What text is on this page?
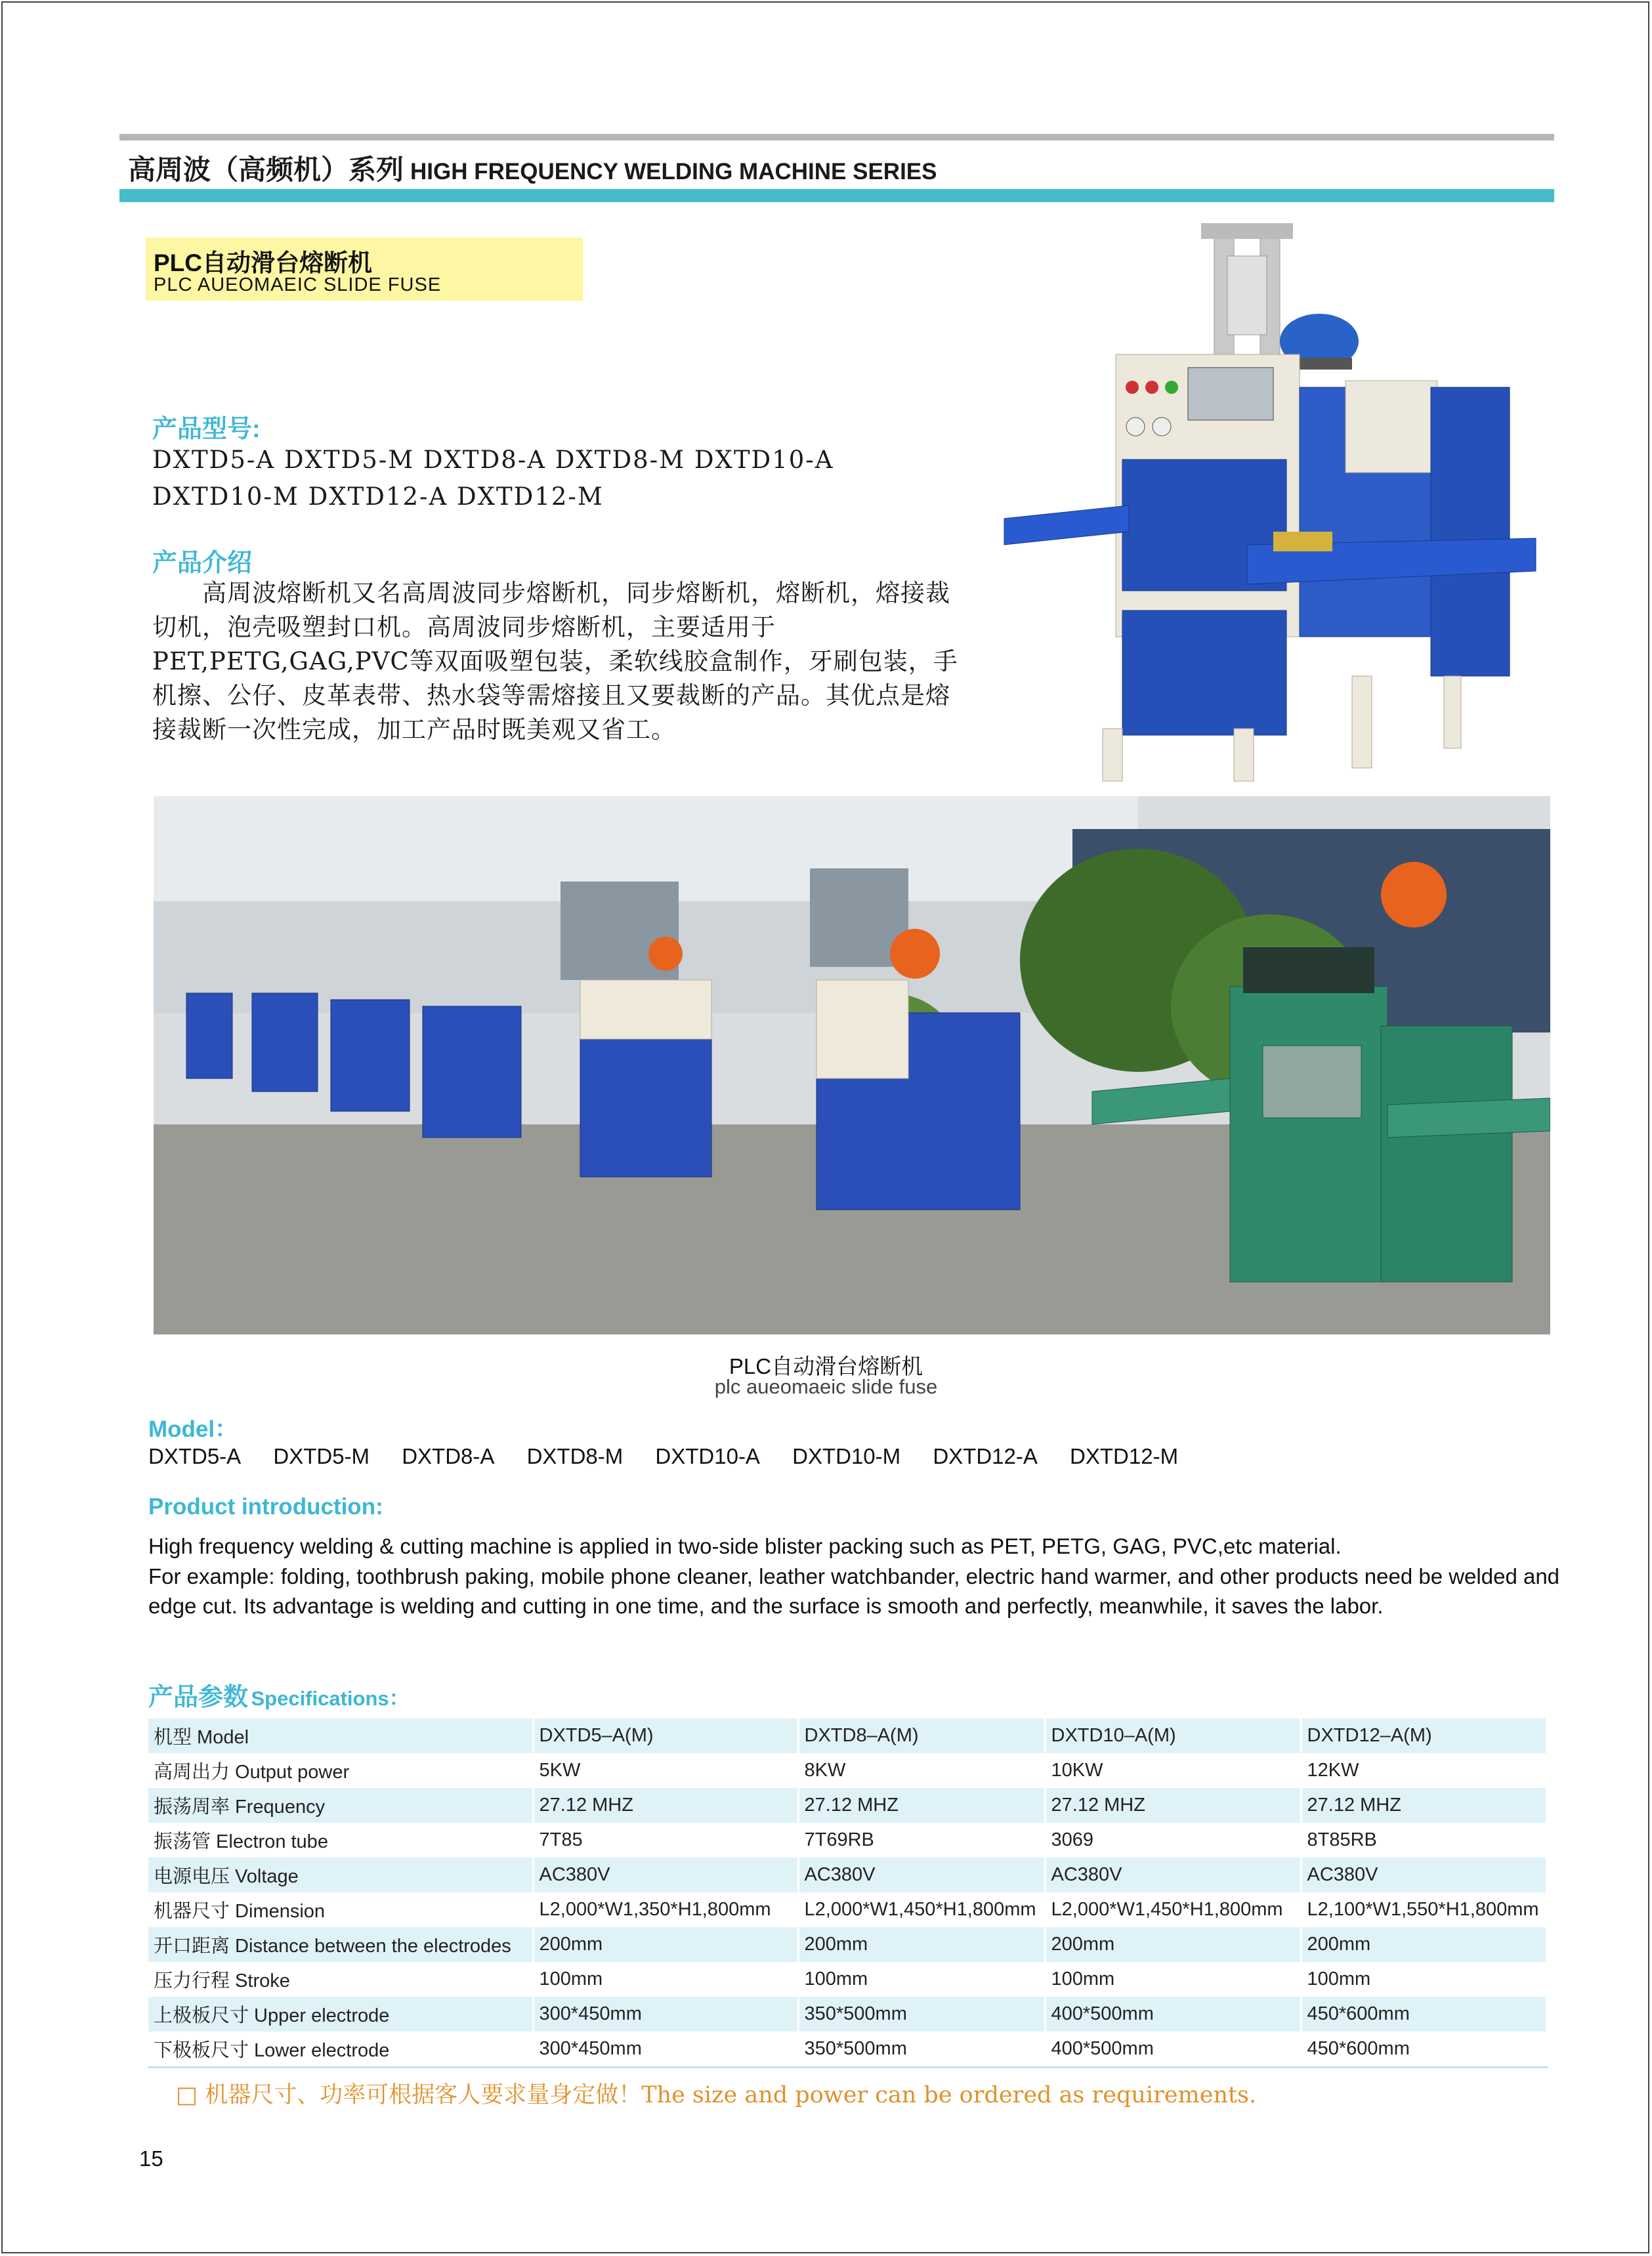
高周波（高频机）系列 HIGH FREQUENCY WELDING MACHINE SERIES
PLC自动滑台熔断机
PLC AUEOMAEIC SLIDE FUSE
产品型号:
DXTD5-A DXTD5-M DXTD8-A DXTD8-M DXTD10-A
DXTD10-M DXTD12-A DXTD12-M
产品介绍
　　高周波熔断机又名高周波同步熔断机，同步熔断机，熔断机，熔接裁切机，泡壳吸塑封口机。高周波同步熔断机，主要适用于PET,PETG,GAG,PVC等双面吸塑包装，柔软线胶盒制作，牙刷包装，手机擦、公仔、皮革表带、热水袋等需熔接且又要裁断的产品。其优点是熔接裁断一次性完成，加工产品时既美观又省工。
PLC自动滑台熔断机
plc aueomaeic slide fuse
Model：
DXTD5-A DXTD5-M DXTD8-A DXTD8-M DXTD10-A DXTD10-M DXTD12-A DXTD12-M
Product introduction:
High frequency welding & cutting machine is applied in two-side blister packing such as PET, PETG, GAG, PVC,etc material.
For example: folding, toothbrush paking, mobile phone cleaner, leather watchbander, electric hand warmer, and other products need be welded and edge cut. Its advantage is welding and cutting in one time, and the surface is smooth and perfectly, meanwhile, it saves the labor.
产品参数 Specifications：
机型 Model	DXTD5–A(M)	DXTD8–A(M)	DXTD10–A(M)	DXTD12–A(M)
高周出力 Output power	5KW	8KW	10KW	12KW
振荡周率 Frequency	27.12 MHZ	27.12 MHZ	27.12 MHZ	27.12 MHZ
振荡管 Electron tube	7T85	7T69RB	3069	8T85RB
电源电压 Voltage	AC380V	AC380V	AC380V	AC380V
机器尺寸 Dimension	L2,000*W1,350*H1,800mm	L2,000*W1,450*H1,800mm	L2,000*W1,450*H1,800mm	L2,100*W1,550*H1,800mm
开口距离 Distance between the electrodes	200mm	200mm	200mm	200mm
压力行程 Stroke	100mm	100mm	100mm	100mm
上极板尺寸 Upper electrode	300*450mm	350*500mm	400*500mm	450*600mm
下极板尺寸 Lower electrode	300*450mm	350*500mm	400*500mm	450*600mm
□ 机器尺寸、功率可根据客人要求量身定做！The size and power can be ordered as requirements.
15
